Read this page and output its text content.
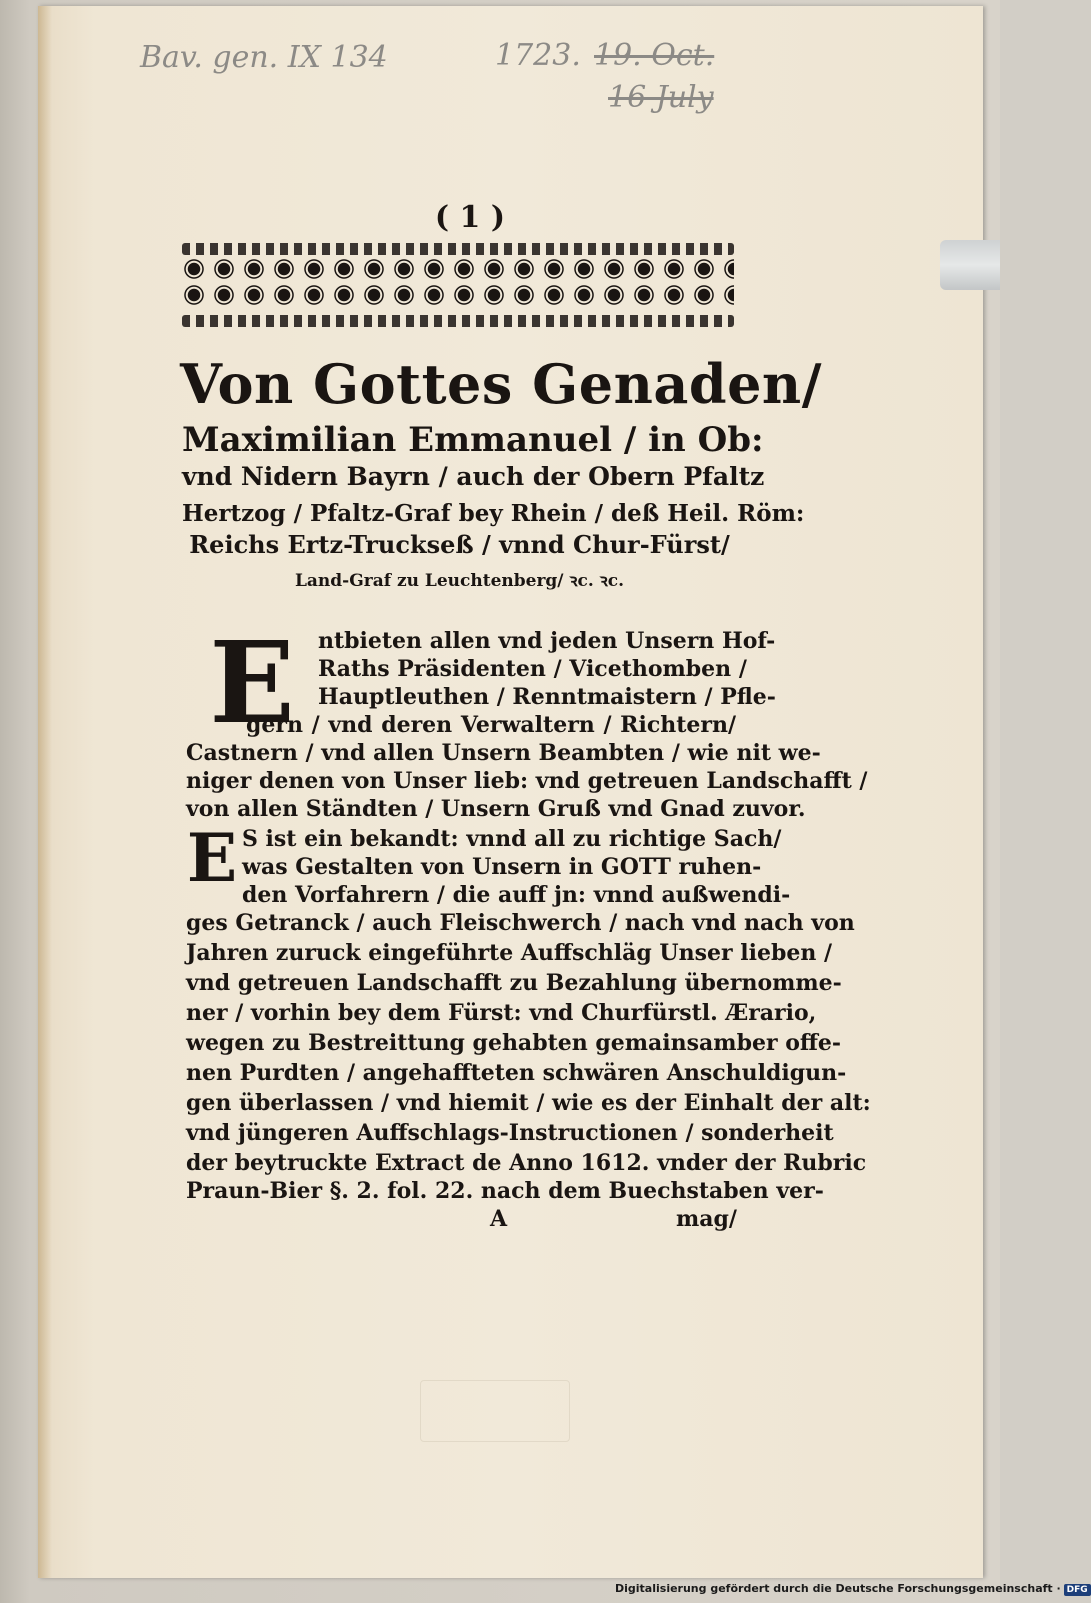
Bav. gen. IX 134	1723. 19. Oct.
16 July
( 1 )
Von Gottes Genaden/
Maximilian Emmanuel / in Ob:
vnd Nidern Bayrn / auch der Obern Pfaltz
Hertzog / Pfaltz-Graf bey Rhein / deß Heil. Röm:
Reichs Ertz-Truckseß / vnnd Chur-Fürst/
Land-Graf zu Leuchtenberg/ ꝛc. ꝛc.
E
E
ntbieten allen vnd jeden Unsern Hof-
Raths Präsidenten / Vicethomben /
Hauptleuthen / Renntmaistern / Pfle-
gern / vnd deren Verwaltern / Richtern/
Castnern / vnd allen Unsern Beambten / wie nit we-
niger denen von Unser lieb: vnd getreuen Landschafft /
von allen Ständten / Unsern Gruß vnd Gnad zuvor.
S ist ein bekandt: vnnd all zu richtige Sach/
was Gestalten von Unsern in GOTT ruhen-
den Vorfahrern / die auff jn: vnnd außwendi-
ges Getranck / auch Fleischwerch / nach vnd nach von
Jahren zuruck eingeführte Auffschläg Unser lieben /
vnd getreuen Landschafft zu Bezahlung übernomme-
ner / vorhin bey dem Fürst: vnd Churfürstl. Ærario,
wegen zu Bestreittung gehabten gemainsamber offe-
nen Purdten / angehaffteten schwären Anschuldigun-
gen überlassen / vnd hiemit / wie es der Einhalt der alt:
vnd jüngeren Auffschlags-Instructionen / sonderheit
der beytruckte Extract de Anno 1612. vnder der Rubric
Praun-Bier §. 2. fol. 22. nach dem Buechstaben ver-
A	mag/
Digitalisierung gefördert durch die Deutsche Forschungsgemeinschaft · DFG
